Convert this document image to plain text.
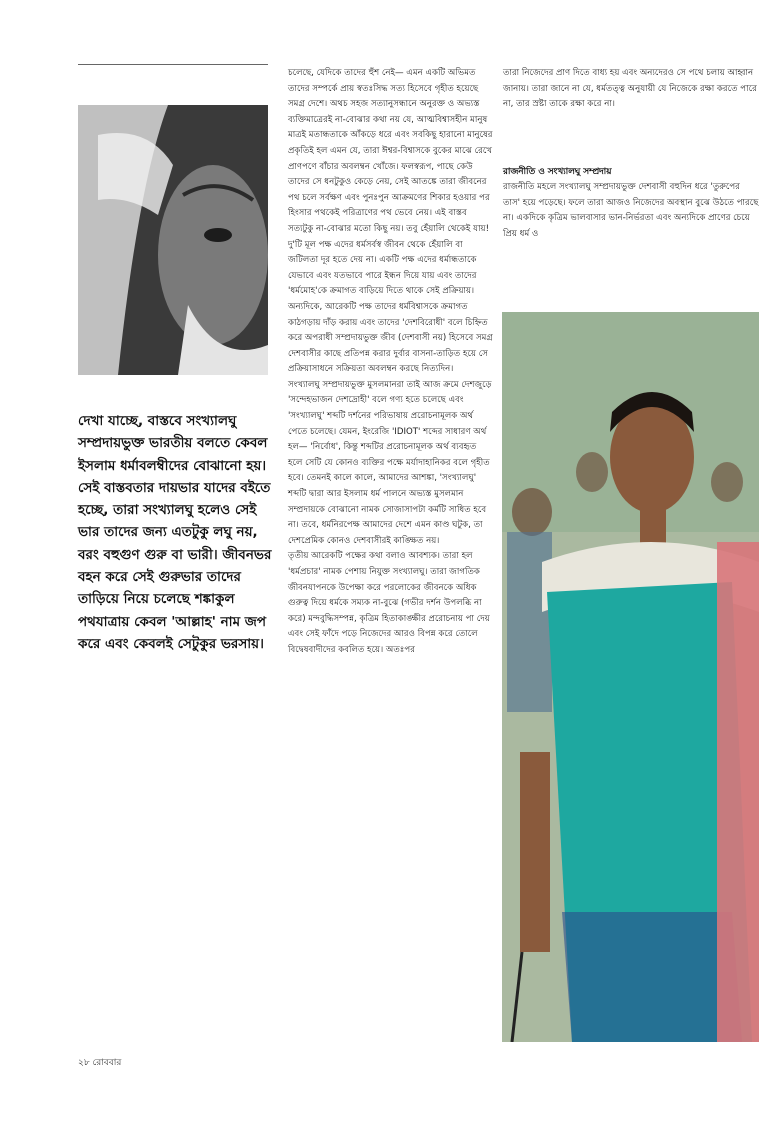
দেখা যাচ্ছে, বাস্তবে সংখ্যালঘু সম্প্রদায়ভুক্ত ভারতীয় বলতে কেবল ইসলাম ধর্মাবলম্বীদের বোঝানো হয়। সেই বাস্তবতার দায়ভার যাদের বইতে হচ্ছে, তারা সংখ্যালঘু হলেও সেই ভার তাদের জন্য এতটুকু লঘু নয়, বরং বহুগুণ গুরু বা ভারী। জীবনভর বহন করে সেই গুরুভার তাদের তাড়িয়ে নিয়ে চলেছে শঙ্কাকুল পথযাত্রায় কেবল 'আল্লাহ' নাম জপ করে এবং কেবলই সেটুকুর ভরসায়।
চলেছে, যেদিকে তাদের হুঁশ নেই— এমন একটি অভিমত তাদের সম্পর্কে প্রায় স্বতঃসিদ্ধ সত্য হিসেবে গৃহীত হয়েছে সমগ্র দেশে। অথচ সহজ সত্যানুসন্ধানে অনুরক্ত ও অভ্যস্ত ব্যক্তিমাত্রেরই না-বোঝার কথা নয় যে, আত্মবিশ্বাসহীন মানুষ মাত্রই মতান্ধতাকে আঁকড়ে ধরে এবং সবকিছু হারানো মানুষের প্রকৃতিই হল এমন যে, তারা ঈশ্বর-বিশ্বাসকে বুকের মাঝে রেখে প্রাণপণে বাঁচার অবলম্বন খোঁজে। ফলস্বরূপ, পাছে কেউ তাদের সে ধনটুকুও কেড়ে নেয়, সেই আতঙ্কে তারা জীবনের পথ চলে সর্বক্ষণ এবং পুনঃপুন আক্রমণের শিকার হওয়ার পর হিংসার পথকেই পরিত্রাণের পথ ভেবে নেয়। এই বাস্তব সত্যটুকু না-বোঝার মতো কিছু নয়। তবু হেঁয়ালি থেকেই যায়!
দু'টি মূল পক্ষ এদের ধর্মসর্বস্ব জীবন থেকে হেঁয়ালি বা জটিলতা দূর হতে দেয় না। একটি পক্ষ এদের ধর্মান্ধতাকে যেভাবে এবং যতভাবে পারে ইন্ধন দিয়ে যায় এবং তাদের 'ধর্মমোহ'কে ক্রমাগত বাড়িয়ে দিতে থাকে সেই প্রক্রিয়ায়। অন্যদিকে, আরেকটি পক্ষ তাদের ধর্মবিশ্বাসকে ক্রমাগত কাঠগড়ায় দাঁড় করায় এবং তাদের 'দেশবিরোধী' বলে চিহ্নিত করে অপরাধী সম্প্রদায়ভুক্ত জীব (দেশবাসী নয়) হিসেবে সমগ্র দেশবাসীর কাছে প্রতিপন্ন করার দুর্বার বাসনা-তাড়িত হয়ে সে প্রক্রিয়াসাধনে সক্রিয়তা অবলম্বন করছে নিত্যদিন।
সংখ্যালঘু সম্প্রদায়ভুক্ত মুসলমানরা তাই আজ ক্রমে দেশজুড়ে 'সন্দেহভাজন দেশদ্রোহী' বলে গণ্য হতে চলেছে এবং 'সংখ্যালঘু' শব্দটি দর্শনের পরিভাষায় প্ররোচনামূলক অর্থ পেতে চলেছে। যেমন, ইংরেজি 'IDIOT' শব্দের সাধারণ অর্থ হল— 'নির্বোধ', কিন্তু শব্দটির প্ররোচনামূলক অর্থ ব্যবহৃত হলে সেটি যে কোনও ব্যক্তির পক্ষে মর্যাদাহানিকর বলে গৃহীত হবে। তেমনই কালে কালে, আমাদের আশঙ্কা, 'সংখ্যালঘু' শব্দটি দ্বারা আর ইসলাম ধর্ম পালনে অভ্যস্ত মুসলমান সম্প্রদায়কে বোঝানো নামক সোজাসাপটা কর্মটি সাধিত হবে না। তবে, ধর্মনিরপেক্ষ আমাদের দেশে এমন কাণ্ড ঘটুক, তা দেশপ্রেমিক কোনও দেশবাসীরই কাঙ্ক্ষিত নয়।
তৃতীয় আরেকটি পক্ষের কথা বলাও আবশ্যক। তারা হল 'ধর্মপ্রচার' নামক পেশায় নিযুক্ত সংখ্যালঘু। তারা জাগতিক জীবনযাপনকে উপেক্ষা করে পরলোকের জীবনকে অধিক গুরুত্ব দিয়ে ধর্মকে সম্যক না-বুঝে (গভীর দর্শন উপলব্ধি না করে) মন্দবুদ্ধিসম্পন্ন, কৃত্রিম হিতাকাঙ্ক্ষীর প্ররোচনায় পা দেয় এবং সেই ফাঁদে পড়ে নিজেদের আরও বিপন্ন করে তোলে বিদ্বেষবাদীদের কবলিত হয়ে। অতঃপর
তারা নিজেদের প্রাণ দিতে বাধ্য হয় এবং অন্যদেরও সে পথে চলায় আহ্বান জানায়। তারা জানে না যে, ধর্মতত্ত্ব অনুযায়ী যে নিজেকে রক্ষা করতে পারে না, তার স্রষ্টা তাকে রক্ষা করে না।
রাজনীতি ও সংখ্যালঘু সম্প্রদায়
রাজনীতি মহলে সংখ্যালঘু সম্প্রদায়ভুক্ত দেশবাসী বহুদিন ধরে 'তুরুপের তাস' হয়ে পড়েছে। ফলে তারা আজও নিজেদের অবস্থান বুঝে উঠতে পারছে না। একদিকে কৃত্রিম ভালবাসার ভান-নির্ভরতা এবং অন্যদিকে প্রাণের চেয়ে প্রিয় ধর্ম ও
২৮ রোববার
